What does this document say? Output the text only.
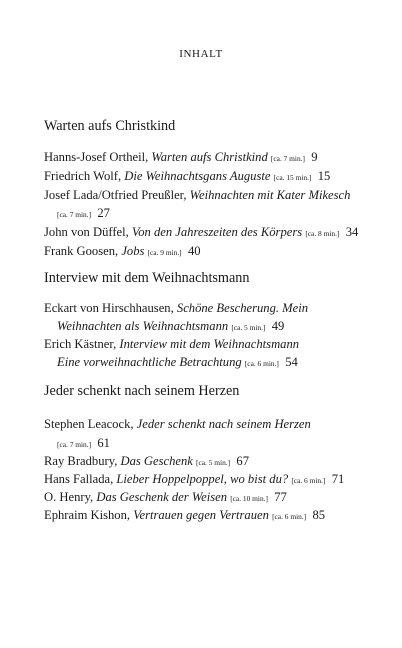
INHALT
Warten aufs Christkind
Hanns-Josef Ortheil, Warten aufs Christkind [ca. 7 min.] 9
Friedrich Wolf, Die Weihnachtsgans Auguste [ca. 15 min.] 15
Josef Lada/Otfried Preußler, Weihnachten mit Kater Mikesch
[ca. 7 min.] 27
John von Düffel, Von den Jahreszeiten des Körpers [ca. 8 min.] 34
Frank Goosen, Jobs [ca. 9 min.] 40
Interview mit dem Weihnachtsmann
Eckart von Hirschhausen, Schöne Bescherung. Mein
Weihnachten als Weihnachtsmann [ca. 5 min.] 49
Erich Kästner, Interview mit dem Weihnachtsmann
Eine vorweihnachtliche Betrachtung [ca. 6 min.] 54
Jeder schenkt nach seinem Herzen
Stephen Leacock, Jeder schenkt nach seinem Herzen
[ca. 7 min.] 61
Ray Bradbury, Das Geschenk [ca. 5 min.] 67
Hans Fallada, Lieber Hoppelpoppel, wo bist du? [ca. 6 min.] 71
O. Henry, Das Geschenk der Weisen [ca. 10 min.] 77
Ephraim Kishon, Vertrauen gegen Vertrauen [ca. 6 min.] 85
